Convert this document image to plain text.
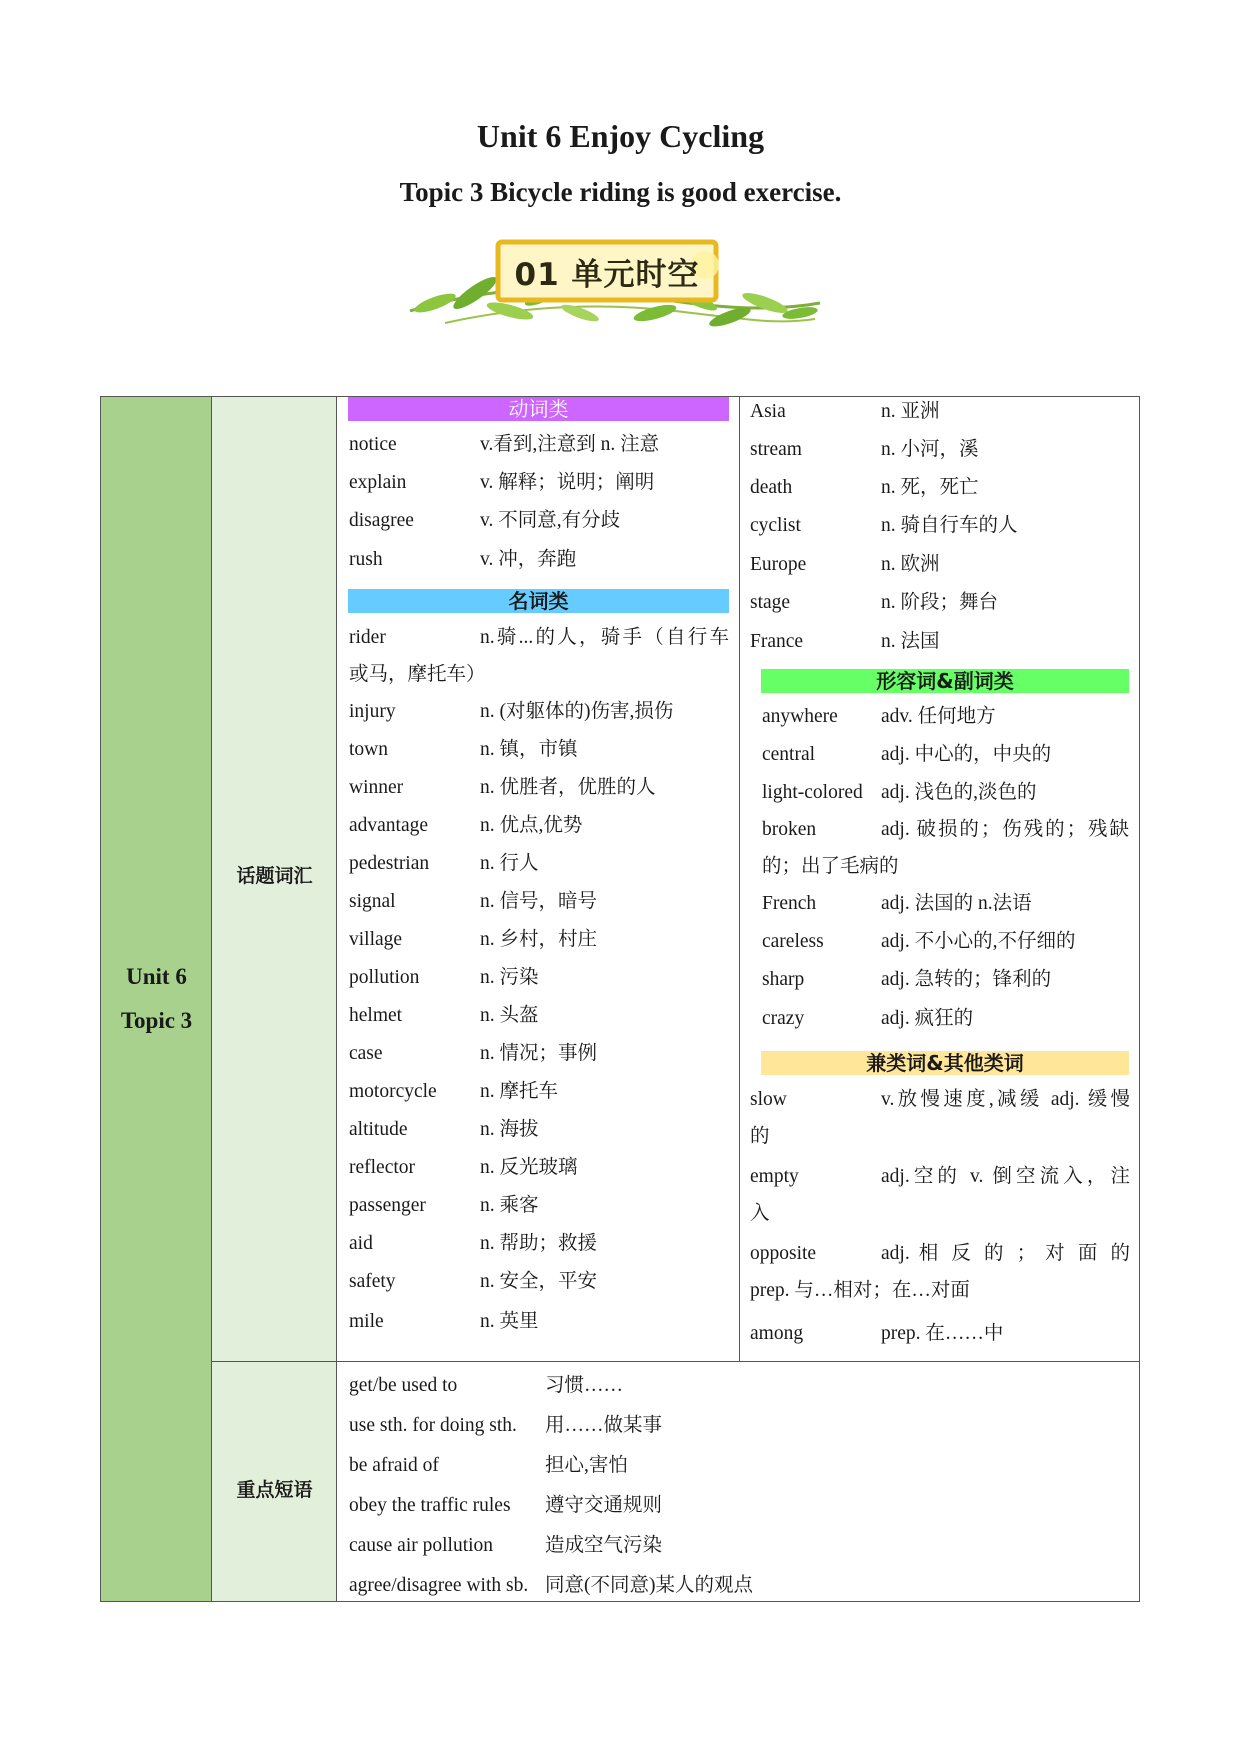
Unit 6 Enjoy Cycling
Topic 3 Bicycle riding is good exercise.
01 单元时空
Unit 6
Topic 3
话题词汇
重点短语
动词类
名词类
形容词&副词类
兼类词&其他类词
notice	v.看到,注意到 n. 注意
explain	v. 解释；说明；阐明
disagree	v. 不同意,有分歧
rush	v. 冲，奔跑
rider	n.骑...的人，骑手（自行车
或马，摩托车）
injury	n. (对躯体的)伤害,损伤
town	n. 镇，市镇
winner	n. 优胜者，优胜的人
advantage	n. 优点,优势
pedestrian	n. 行人
signal	n. 信号，暗号
village	n. 乡村，村庄
pollution	n. 污染
helmet	n. 头盔
case	n. 情况；事例
motorcycle n. 摩托车
altitude	n. 海拔
reflector	n. 反光玻璃
passenger	n. 乘客
aid	n. 帮助；救援
safety	n. 安全，平安
mile	n. 英里
Asia	n. 亚洲
stream	n. 小河，溪
death	n. 死，死亡
cyclist	n. 骑自行车的人
Europe	n. 欧洲
stage	n. 阶段；舞台
France	n. 法国
anywhere adv. 任何地方
central	adj. 中心的，中央的
light-colored adj. 浅色的,淡色的
broken	adj. 破损的；伤残的；残缺
的；出了毛病的
French	adj. 法国的 n.法语
careless	adj. 不小心的,不仔细的
sharp	adj. 急转的；锋利的
crazy	adj. 疯狂的
slow	v.放慢速度,减缓 adj. 缓慢
的
empty	adj.空的 v. 倒空流入，注
入
opposite	adj. 相 反 的 ； 对 面 的
prep. 与…相对；在…对面
among	prep. 在……中
get/be used to	习惯……
use sth. for doing sth. 用……做某事
be afraid of	担心,害怕
obey the traffic rules 遵守交通规则
cause air pollution	造成空气污染
agree/disagree with sb. 同意(不同意)某人的观点
